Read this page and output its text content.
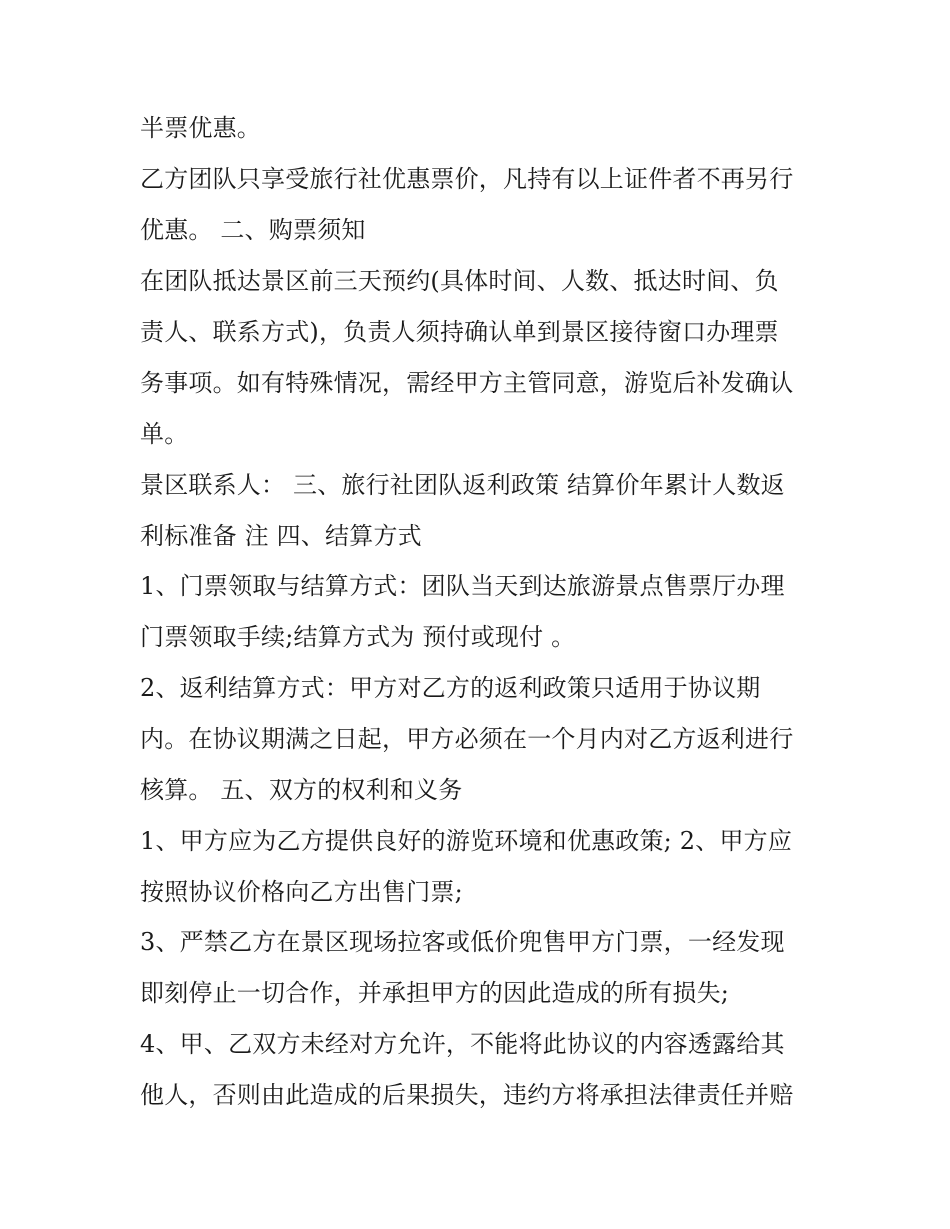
半票优惠。
乙方团队只享受旅行社优惠票价，凡持有以上证件者不再另行
优惠。 二、购票须知
在团队抵达景区前三天预约(具体时间、人数、抵达时间、负
责人、联系方式)，负责人须持确认单到景区接待窗口办理票
务事项。如有特殊情况，需经甲方主管同意，游览后补发确认
单。
景区联系人： 三、旅行社团队返利政策 结算价年累计人数返
利标准备 注 四、结算方式
1、门票领取与结算方式：团队当天到达旅游景点售票厅办理
门票领取手续;结算方式为 预付或现付 。
2、返利结算方式：甲方对乙方的返利政策只适用于协议期
内。在协议期满之日起，甲方必须在一个月内对乙方返利进行
核算。 五、双方的权利和义务
1、甲方应为乙方提供良好的游览环境和优惠政策; 2、甲方应
按照协议价格向乙方出售门票;
3、严禁乙方在景区现场拉客或低价兜售甲方门票，一经发现
即刻停止一切合作，并承担甲方的因此造成的所有损失;
4、甲、乙双方未经对方允许，不能将此协议的内容透露给其
他人，否则由此造成的后果损失，违约方将承担法律责任并赔
